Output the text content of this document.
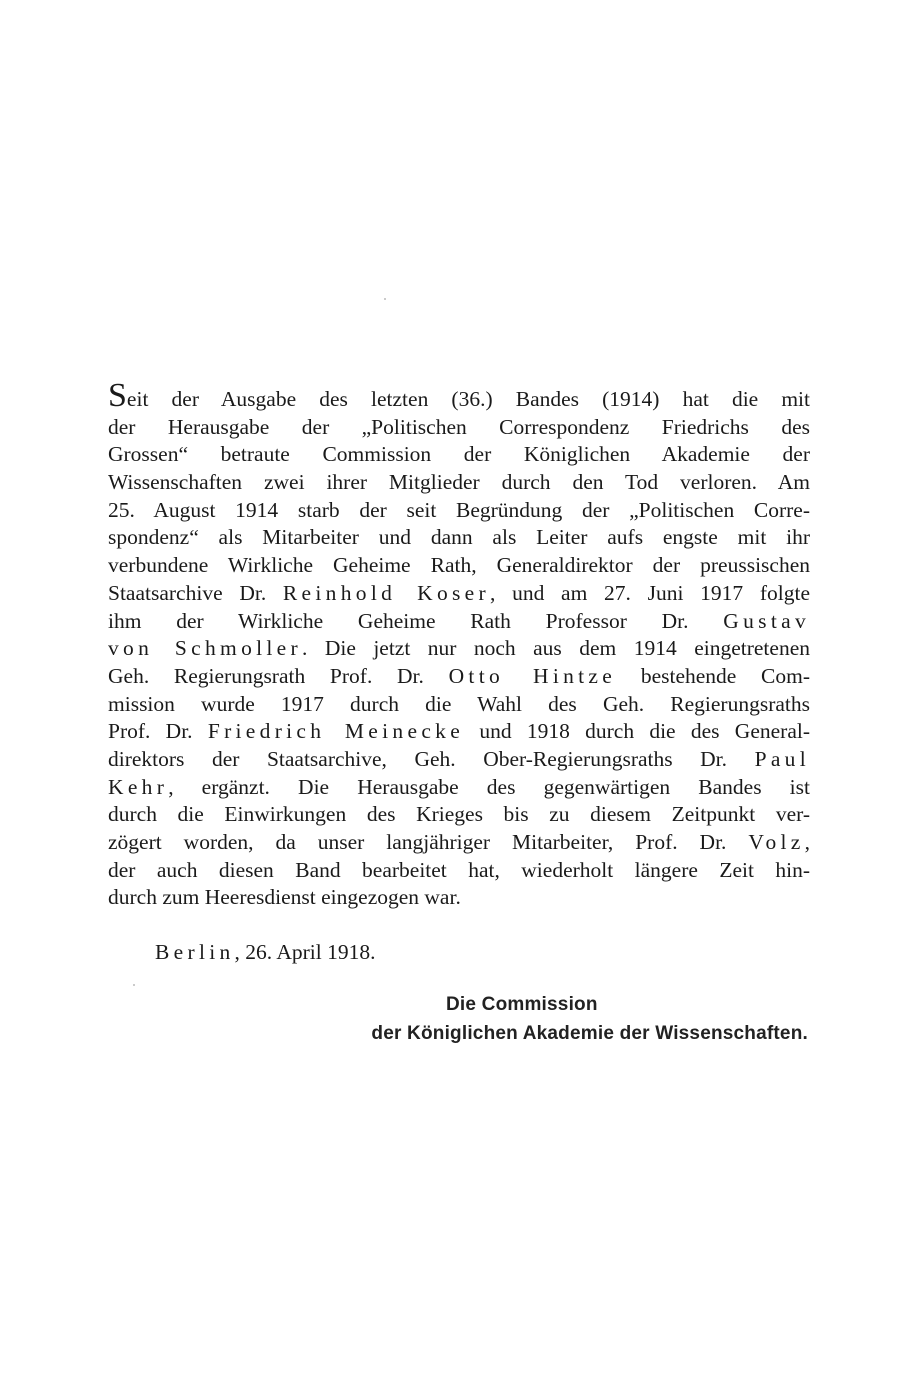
Seit der Ausgabe des letzten (36.) Bandes (1914) hat die mit
der Herausgabe der „Politischen Correspondenz Friedrichs des
Grossen“ betraute Commission der Königlichen Akademie der
Wissenschaften zwei ihrer Mitglieder durch den Tod verloren. Am
25. August 1914 starb der seit Begründung der „Politischen Corre-
spondenz“ als Mitarbeiter und dann als Leiter aufs engste mit ihr
verbundene Wirkliche Geheime Rath, Generaldirektor der preussischen
Staatsarchive Dr. Reinhold Koser, und am 27. Juni 1917 folgte
ihm der Wirkliche Geheime Rath Professor Dr. Gustav
von Schmoller. Die jetzt nur noch aus dem 1914 eingetretenen
Geh. Regierungsrath Prof. Dr. Otto Hintze bestehende Com-
mission wurde 1917 durch die Wahl des Geh. Regierungsraths
Prof. Dr. Friedrich Meinecke und 1918 durch die des General-
direktors der Staatsarchive, Geh. Ober-Regierungsraths Dr. Paul
Kehr, ergänzt. Die Herausgabe des gegenwärtigen Bandes ist
durch die Einwirkungen des Krieges bis zu diesem Zeitpunkt ver-
zögert worden, da unser langjähriger Mitarbeiter, Prof. Dr. Volz,
der auch diesen Band bearbeitet hat, wiederholt längere Zeit hin-
durch zum Heeresdienst eingezogen war.
Berlin, 26. April 1918.
Die Commission
der Königlichen Akademie der Wissenschaften.
